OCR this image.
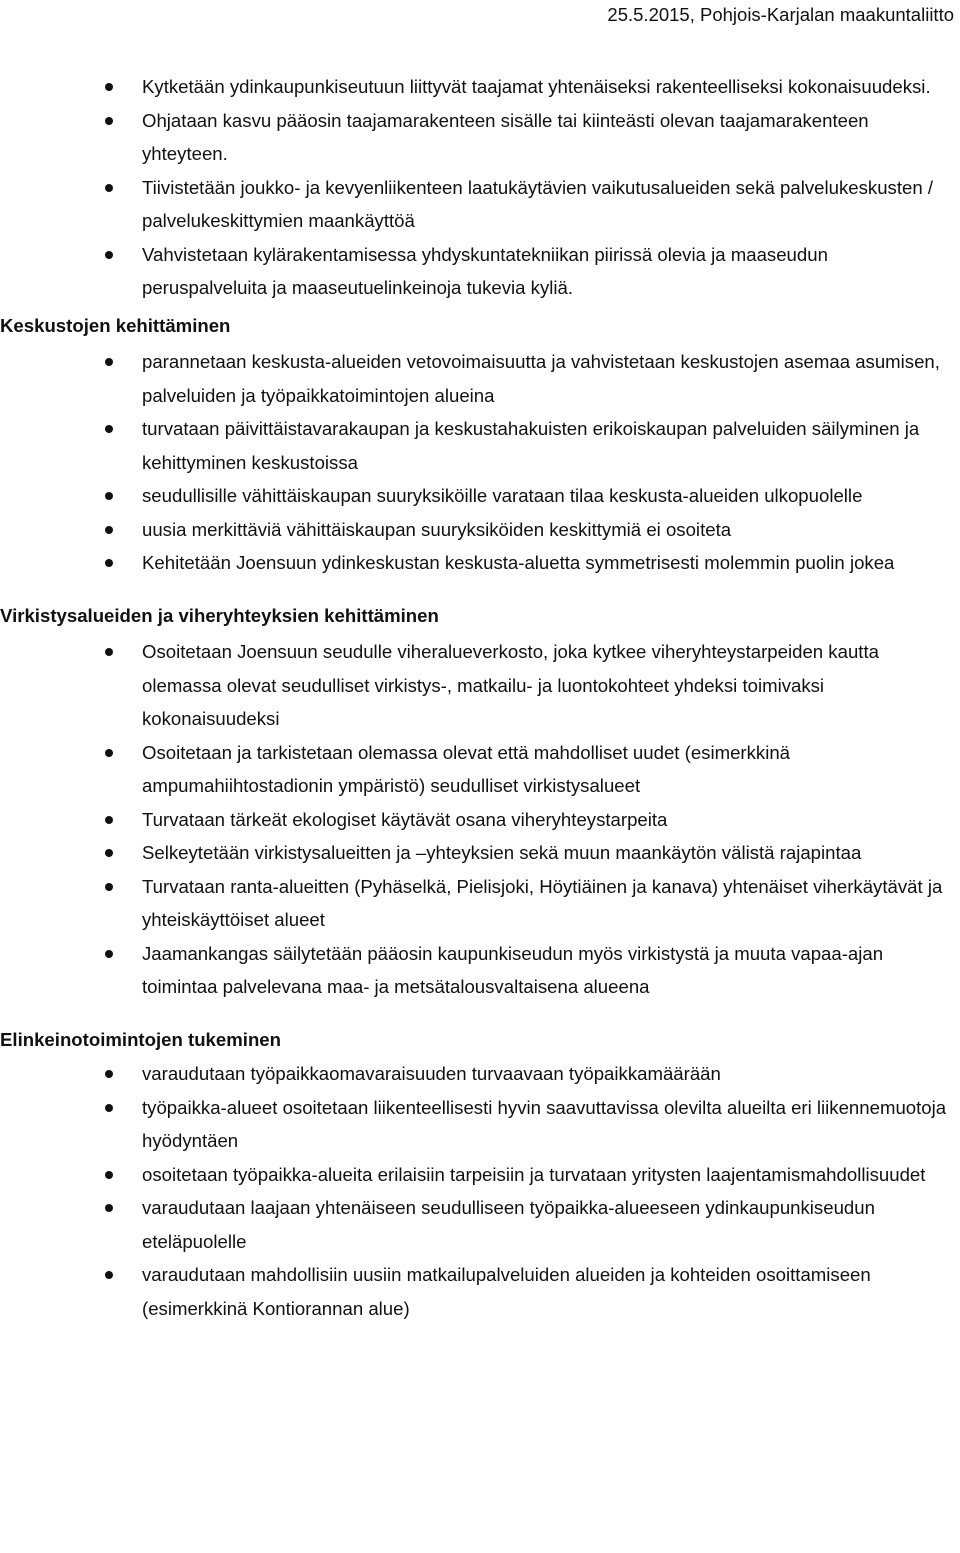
25.5.2015, Pohjois-Karjalan maakuntaliitto
Kytketään ydinkaupunkiseutuun liittyvät taajamat yhtenäiseksi rakenteelliseksi kokonaisuudeksi.
Ohjataan kasvu pääosin taajamarakenteen sisälle tai kiinteästi olevan taajamarakenteen yhteyteen.
Tiivistetään joukko- ja kevyenliikenteen laatukäytävien vaikutusalueiden sekä palvelukeskusten / palvelukeskittymien maankäyttöä
Vahvistetaan kylärakentamisessa yhdyskuntatekniikan piirissä olevia ja maaseudun peruspalveluita ja maaseutuelinkeinoja tukevia kyliä.
Keskustojen kehittäminen
parannetaan keskusta-alueiden vetovoimaisuutta ja vahvistetaan keskustojen asemaa asumisen, palveluiden ja työpaikkatoimintojen alueina
turvataan päivittäistavarakaupan ja keskustahakuisten erikoiskaupan palveluiden säilyminen ja kehittyminen keskustoissa
seudullisille vähittäiskaupan suuryksiköille varataan tilaa keskusta-alueiden ulkopuolelle
uusia merkittäviä vähittäiskaupan suuryksiköiden keskittymiä ei osoiteta
Kehitetään Joensuun ydinkeskustan keskusta-aluetta symmetrisesti molemmin puolin jokea
Virkistysalueiden ja viheryhteyksien kehittäminen
Osoitetaan Joensuun seudulle viheralueverkosto, joka kytkee viheryhteystarpeiden kautta olemassa olevat seudulliset virkistys-, matkailu- ja luontokohteet yhdeksi toimivaksi kokonaisuudeksi
Osoitetaan ja tarkistetaan olemassa olevat että mahdolliset uudet (esimerkkinä ampumahiihtostadionin ympäristö) seudulliset virkistysalueet
Turvataan tärkeät ekologiset käytävät osana viheryhteystarpeita
Selkeytetään virkistysalueitten ja –yhteyksien sekä muun maankäytön välistä rajapintaa
Turvataan ranta-alueitten (Pyhäselkä, Pielisjoki, Höytiäinen ja kanava) yhtenäiset viherkäytävät ja yhteiskäyttöiset alueet
Jaamankangas säilytetään pääosin kaupunkiseudun myös virkistystä ja muuta vapaa-ajan toimintaa palvelevana maa- ja metsätalousvaltaisena alueena
Elinkeinotoimintojen tukeminen
varaudutaan työpaikkaomavaraisuuden turvaavaan työpaikkamäärään
työpaikka-alueet osoitetaan liikenteellisesti hyvin saavuttavissa olevilta alueilta eri liikennemuotoja hyödyntäen
osoitetaan työpaikka-alueita erilaisiin tarpeisiin ja turvataan yritysten laajentamismahdollisuudet
varaudutaan laajaan yhtenäiseen seudulliseen työpaikka-alueeseen ydinkaupunkiseudun eteläpuolelle
varaudutaan mahdollisiin uusiin matkailupalveluiden alueiden ja kohteiden osoittamiseen (esimerkkinä Kontiorannan alue)
